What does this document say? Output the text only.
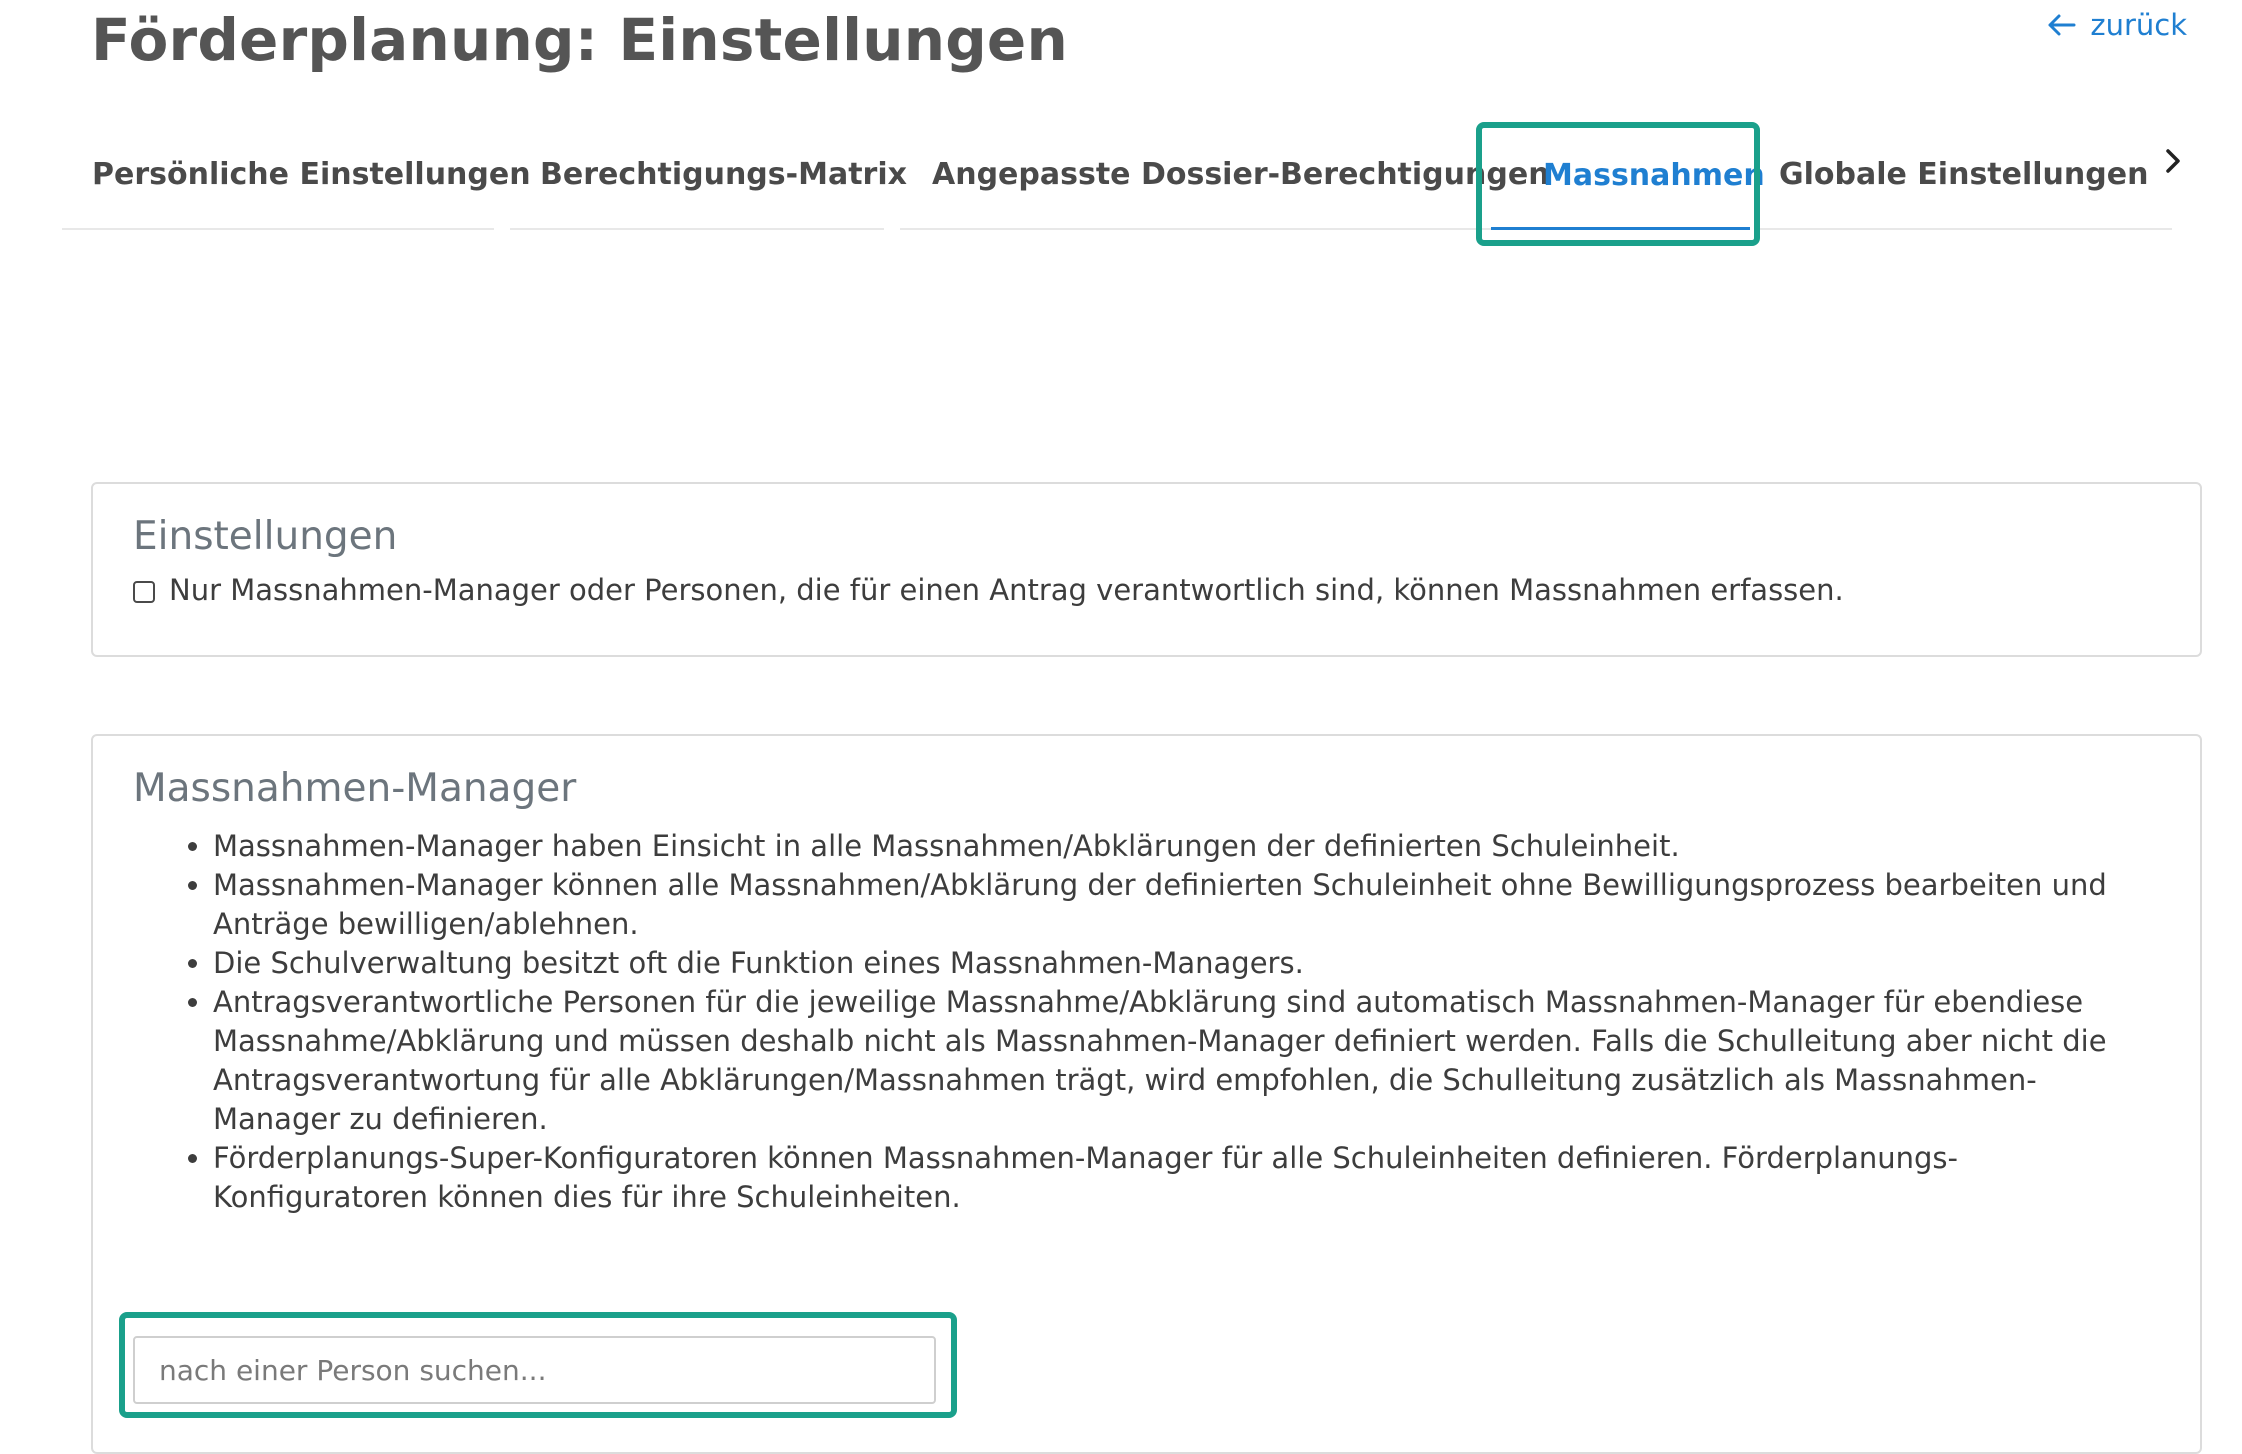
Förderplanung: Einstellungen	zurück
Persönliche Einstellungen Berechtigungs-Matrix Angepasste Dossier-Berechtigungen
Massnahmen Globale Einstellungen
Einstellungen
Nur Massnahmen-Manager oder Personen, die für einen Antrag verantwortlich sind, können Massnahmen erfassen.
Massnahmen-Manager
• Massnahmen-Manager haben Einsicht in alle Massnahmen/Abklärungen der definierten Schuleinheit.
• Massnahmen-Manager können alle Massnahmen/Abklärung der definierten Schuleinheit ohne Bewilligungsprozess bearbeiten und Anträge bewilligen/ablehnen.
• Die Schulverwaltung besitzt oft die Funktion eines Massnahmen-Managers.
• Antragsverantwortliche Personen für die jeweilige Massnahme/Abklärung sind automatisch Massnahmen-Manager für ebendiese Massnahme/Abklärung und müssen deshalb nicht als Massnahmen-Manager definiert werden. Falls die Schulleitung aber nicht die Antragsverantwortung für alle Abklärungen/Massnahmen trägt, wird empfohlen, die Schulleitung zusätzlich als Massnahmen-Manager zu definieren.
• Förderplanungs-Super-Konfiguratoren können Massnahmen-Manager für alle Schuleinheiten definieren. Förderplanungs-Konfiguratoren können dies für ihre Schuleinheiten.
nach einer Person suchen...
